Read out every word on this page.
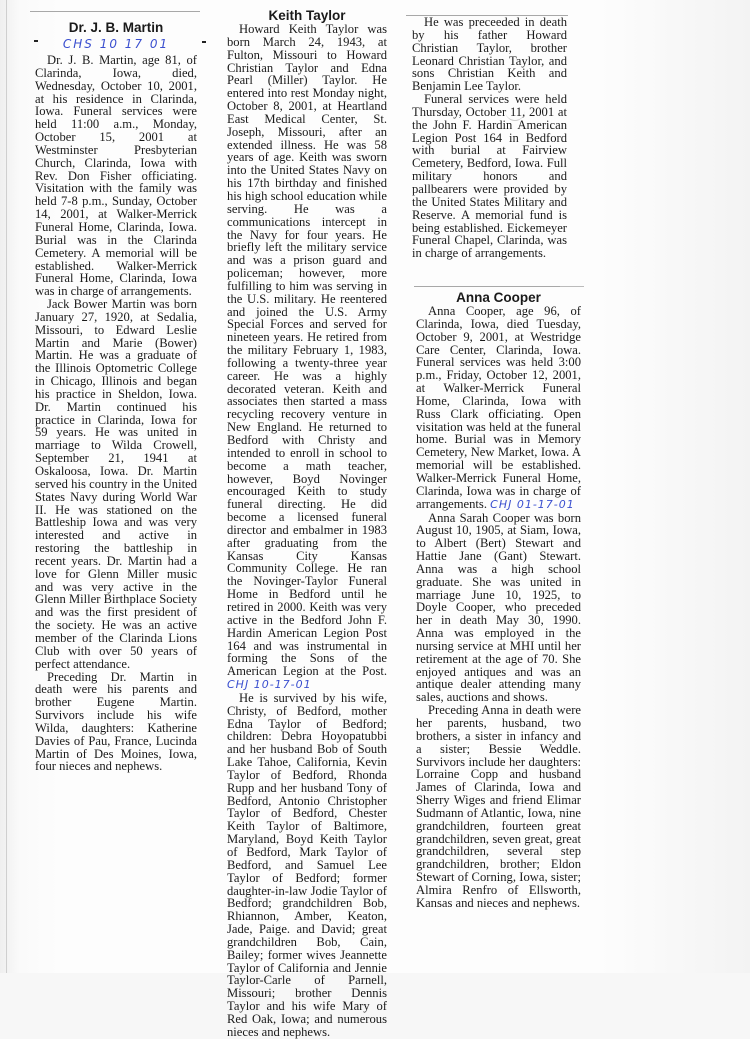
Dr. J. B. Martin
CHS 10 17 01

Dr. J. B. Martin, age 81, of Clarinda, Iowa, died, Wednesday, October 10, 2001, at his residence in Clarinda, Iowa. Funeral services were held 11:00 a.m., Monday, October 15, 2001 at Westminster Presbyterian Church, Clarinda, Iowa with Rev. Don Fisher officiating. Visitation with the family was held 7-8 p.m., Sunday, October 14, 2001, at Walker-Merrick Funeral Home, Clarinda, Iowa. Burial was in the Clarinda Cemetery. A memorial will be established. Walker-Merrick Funeral Home, Clarinda, Iowa was in charge of arrangements.

Jack Bower Martin was born January 27, 1920, at Sedalia, Missouri, to Edward Leslie Martin and Marie (Bower) Martin. He was a graduate of the Illinois Optometric College in Chicago, Illinois and began his practice in Sheldon, Iowa. Dr. Martin continued his practice in Clarinda, Iowa for 59 years. He was united in marriage to Wilda Crowell, September 21, 1941 at Oskaloosa, Iowa. Dr. Martin served his country in the United States Navy during World War II. He was stationed on the Battleship Iowa and was very interested and active in restoring the battleship in recent years. Dr. Martin had a love for Glenn Miller music and was very active in the Glenn Miller Birthplace Society and was the first president of the society. He was an active member of the Clarinda Lions Club with over 50 years of perfect attendance.

Preceding Dr. Martin in death were his parents and brother Eugene Martin. Survivors include his wife Wilda, daughters: Katherine Davies of Pau, France, Lucinda Martin of Des Moines, Iowa, four nieces and nephews.

Keith Taylor

Howard Keith Taylor was born March 24, 1943, at Fulton, Missouri to Howard Christian Taylor and Edna Pearl (Miller) Taylor. He entered into rest Monday night, October 8, 2001, at Heartland East Medical Center, St. Joseph, Missouri, after an extended illness. He was 58 years of age. Keith was sworn into the United States Navy on his 17th birthday and finished his high school education while serving. He was a communications intercept in the Navy for four years. He briefly left the military service and was a prison guard and policeman; however, more fulfilling to him was serving in the U.S. military. He reentered and joined the U.S. Army Special Forces and served for nineteen years. He retired from the military February 1, 1983, following a twenty-three year career. He was a highly decorated veteran. Keith and associates then started a mass recycling recovery venture in New England. He returned to Bedford with Christy and intended to enroll in school to become a math teacher, however, Boyd Novinger encouraged Keith to study funeral directing. He did become a licensed funeral director and embalmer in 1983 after graduating from the Kansas City Kansas Community College. He ran the Novinger-Taylor Funeral Home in Bedford until he retired in 2000. Keith was very active in the Bedford John F. Hardin American Legion Post 164 and was instrumental in forming the Sons of the American Legion at the Post. CHJ 10-17-01

He is survived by his wife, Christy, of Bedford, mother Edna Taylor of Bedford; children: Debra Hoyopatubbi and her husband Bob of South Lake Tahoe, California, Kevin Taylor of Bedford, Rhonda Rupp and her husband Tony of Bedford, Antonio Christopher Taylor of Bedford, Chester Keith Taylor of Baltimore, Maryland, Boyd Keith Taylor of Bedford, Mark Taylor of Bedford, and Samuel Lee Taylor of Bedford; former daughter-in-law Jodie Taylor of Bedford; grandchildren Bob, Rhiannon, Amber, Keaton, Jade, Paige. and David; great grandchildren Bob, Cain, Bailey; former wives Jeannette Taylor of California and Jennie Taylor-Carle of Parnell, Missouri; brother Dennis Taylor and his wife Mary of Red Oak, Iowa; and numerous nieces and nephews.

He was preceeded in death by his father Howard Christian Taylor, brother Leonard Christian Taylor, and sons Christian Keith and Benjamin Lee Taylor.

Funeral services were held Thursday, October 11, 2001 at the John F. Hardin American Legion Post 164 in Bedford with burial at Fairview Cemetery, Bedford, Iowa. Full military honors and pallbearers were provided by the United States Military and Reserve. A memorial fund is being established. Eickemeyer Funeral Chapel, Clarinda, was in charge of arrangements.

Anna Cooper

Anna Cooper, age 96, of Clarinda, Iowa, died Tuesday, October 9, 2001, at Westridge Care Center, Clarinda, Iowa. Funeral services was held 3:00 p.m., Friday, October 12, 2001, at Walker-Merrick Funeral Home, Clarinda, Iowa with Russ Clark officiating. Open visitation was held at the funeral home. Burial was in Memory Cemetery, New Market, Iowa. A memorial will be established. Walker-Merrick Funeral Home, Clarinda, Iowa was in charge of arrangements. CHJ 01-17-01

Anna Sarah Cooper was born August 10, 1905, at Siam, Iowa, to Albert (Bert) Stewart and Hattie Jane (Gant) Stewart. Anna was a high school graduate. She was united in marriage June 10, 1925, to Doyle Cooper, who preceded her in death May 30, 1990. Anna was employed in the nursing service at MHI until her retirement at the age of 70. She enjoyed antiques and was an antique dealer attending many sales, auctions and shows.

Preceding Anna in death were her parents, husband, two brothers, a sister in infancy and a sister; Bessie Weddle. Survivors include her daughters: Lorraine Copp and husband James of Clarinda, Iowa and Sherry Wiges and friend Elimar Sudmann of Atlantic, Iowa, nine grandchildren, fourteen great grandchildren, seven great, great grandchildren, several step grandchildren, brother; Eldon Stewart of Corning, Iowa, sister; Almira Renfro of Ellsworth, Kansas and nieces and nephews.
